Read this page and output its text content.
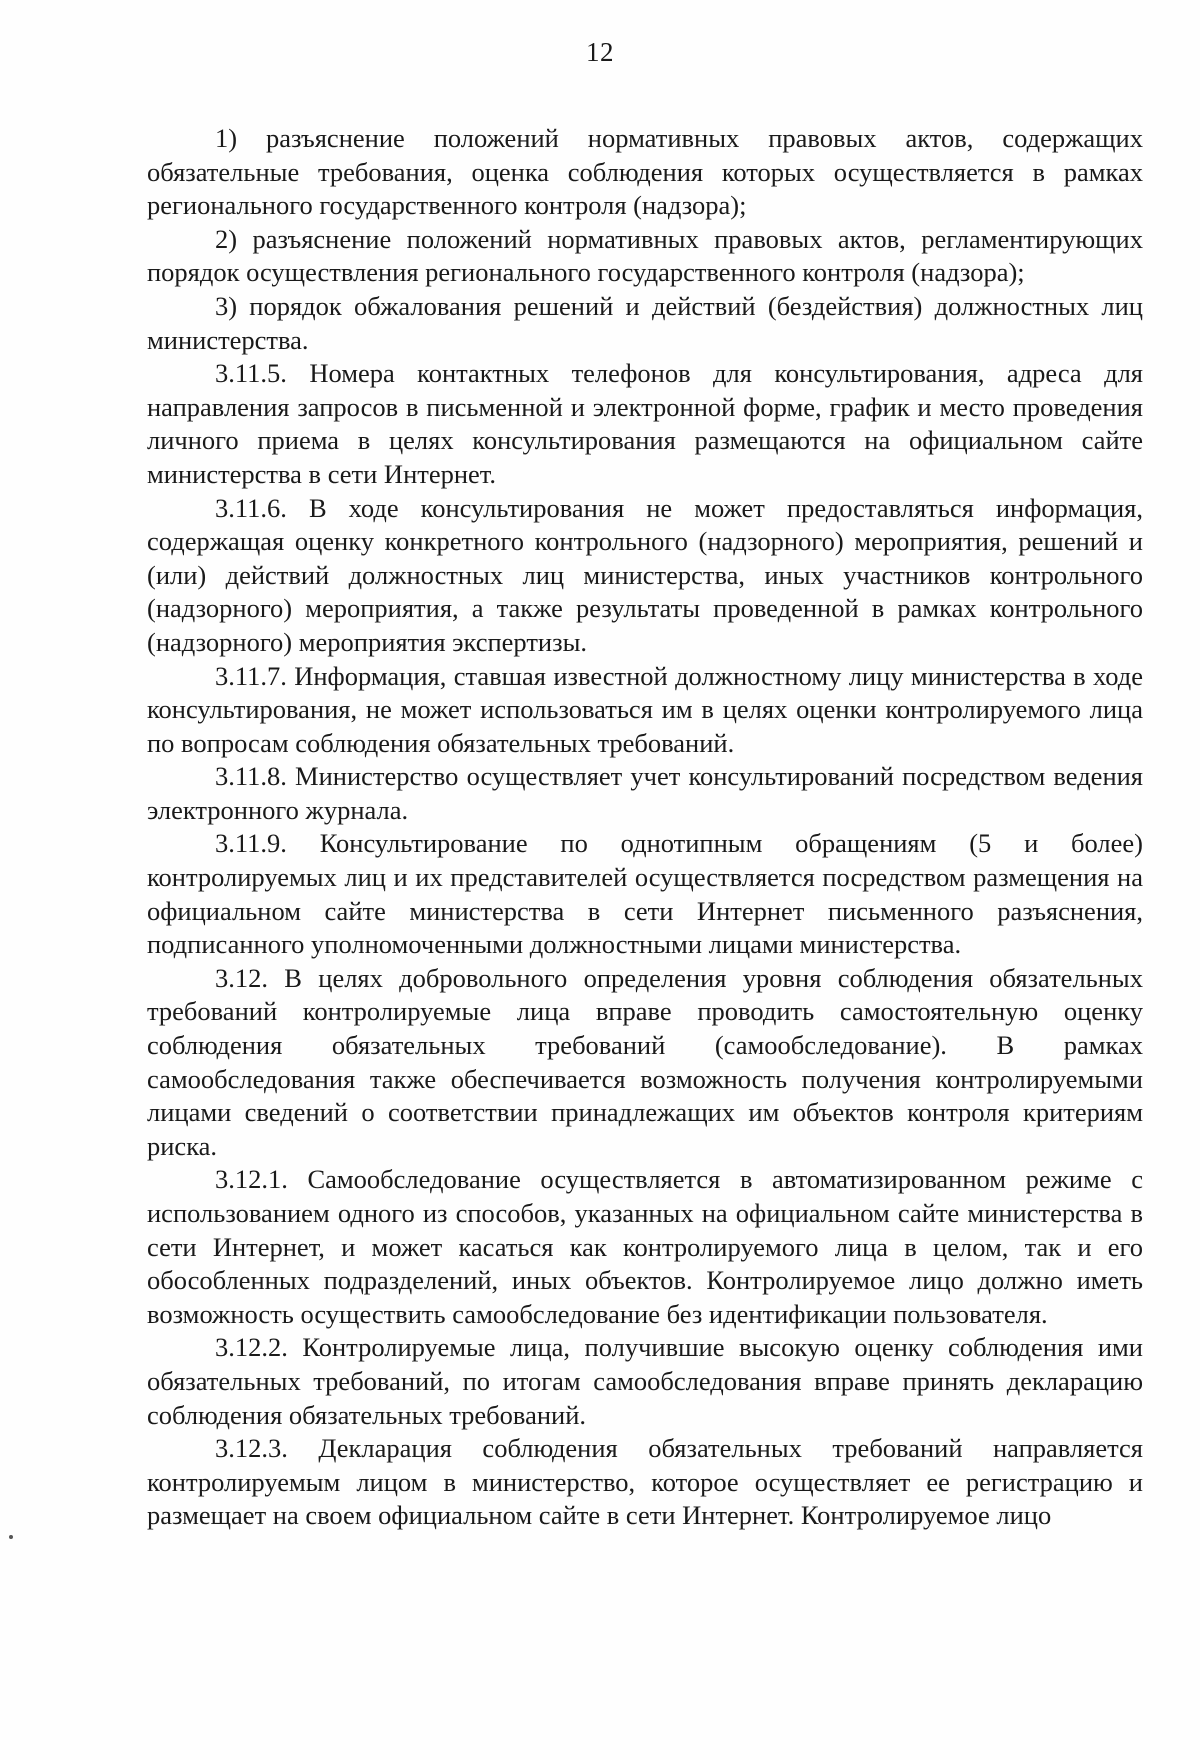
12

1) разъяснение положений нормативных правовых актов, содержащих обязательные требования, оценка соблюдения которых осуществляется в рамках регионального государственного контроля (надзора);

2) разъяснение положений нормативных правовых актов, регламентирующих порядок осуществления регионального государственного контроля (надзора);

3) порядок обжалования решений и действий (бездействия) должностных лиц министерства.

3.11.5. Номера контактных телефонов для консультирования, адреса для направления запросов в письменной и электронной форме, график и место проведения личного приема в целях консультирования размещаются на официальном сайте министерства в сети Интернет.

3.11.6. В ходе консультирования не может предоставляться информация, содержащая оценку конкретного контрольного (надзорного) мероприятия, решений и (или) действий должностных лиц министерства, иных участников контрольного (надзорного) мероприятия, а также результаты проведенной в рамках контрольного (надзорного) мероприятия экспертизы.

3.11.7. Информация, ставшая известной должностному лицу министерства в ходе консультирования, не может использоваться им в целях оценки контролируемого лица по вопросам соблюдения обязательных требований.

3.11.8. Министерство осуществляет учет консультирований посредством ведения электронного журнала.

3.11.9. Консультирование по однотипным обращениям (5 и более) контролируемых лиц и их представителей осуществляется посредством размещения на официальном сайте министерства в сети Интернет письменного разъяснения, подписанного уполномоченными должностными лицами министерства.

3.12. В целях добровольного определения уровня соблюдения обязательных требований контролируемые лица вправе проводить самостоятельную оценку соблюдения обязательных требований (самообследование). В рамках самообследования также обеспечивается возможность получения контролируемыми лицами сведений о соответствии принадлежащих им объектов контроля критериям риска.

3.12.1. Самообследование осуществляется в автоматизированном режиме с использованием одного из способов, указанных на официальном сайте министерства в сети Интернет, и может касаться как контролируемого лица в целом, так и его обособленных подразделений, иных объектов. Контролируемое лицо должно иметь возможность осуществить самообследование без идентификации пользователя.

3.12.2. Контролируемые лица, получившие высокую оценку соблюдения ими обязательных требований, по итогам самообследования вправе принять декларацию соблюдения обязательных требований.

3.12.3. Декларация соблюдения обязательных требований направляется контролируемым лицом в министерство, которое осуществляет ее регистрацию и размещает на своем официальном сайте в сети Интернет. Контролируемое лицо
